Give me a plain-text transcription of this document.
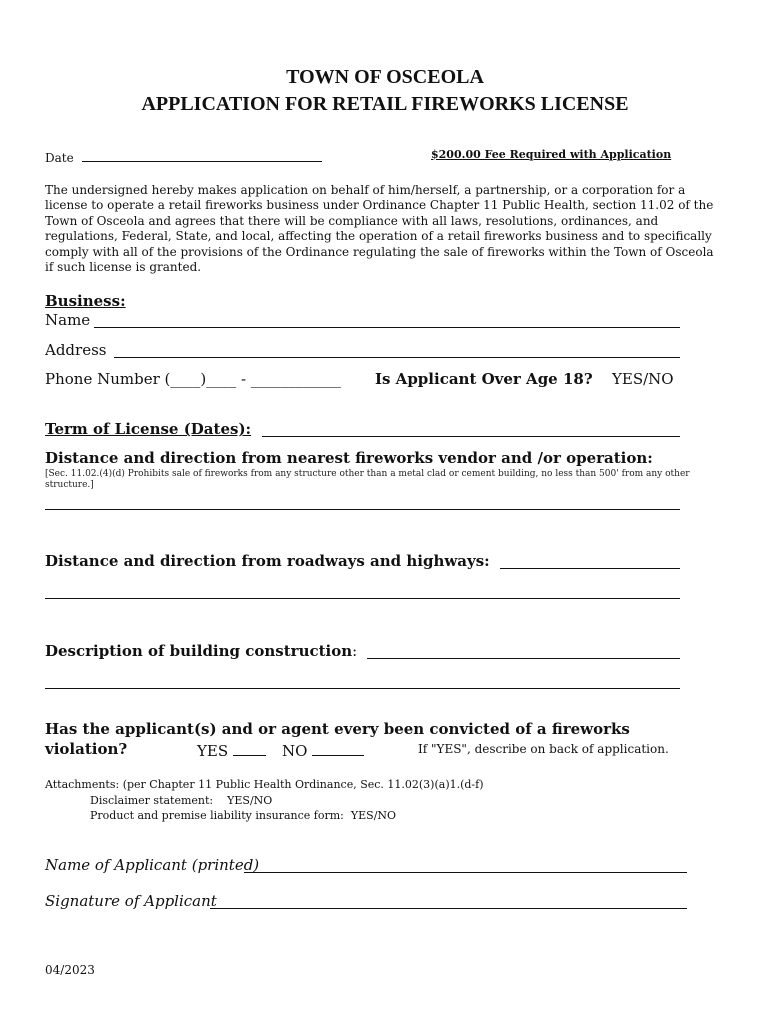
TOWN OF OSCEOLA
APPLICATION FOR RETAIL FIREWORKS LICENSE
Date	$200.00 Fee Required with Application
The undersigned hereby makes application on behalf of him/herself, a partnership, or a corporation for a license to operate a retail fireworks business under Ordinance Chapter 11 Public Health, section 11.02 of the Town of Osceola and agrees that there will be compliance with all laws, resolutions, ordinances, and regulations, Federal, State, and local, affecting the operation of a retail fireworks business and to specifically comply with all of the provisions of the Ordinance regulating the sale of fireworks within the Town of Osceola if such license is granted.
Business:
Name
Address
Phone Number (____)____ - ____________ Is Applicant Over Age 18? YES/NO
Term of License (Dates):
Distance and direction from nearest fireworks vendor and /or operation:
[Sec. 11.02.(4)(d) Prohibits sale of fireworks from any structure other than a metal clad or cement building, no less than 500' from any other structure.]
Distance and direction from roadways and highways:
Description of building construction:
Has the applicant(s) and or agent every been convicted of a fireworks
violation?	YES	NO	If "YES", describe on back of application.
Attachments: (per Chapter 11 Public Health Ordinance, Sec. 11.02(3)(a)1.(d-f)
Disclaimer statement:    YES/NO
Product and premise liability insurance form:  YES/NO
Name of Applicant (printed)
Signature of Applicant
04/2023
